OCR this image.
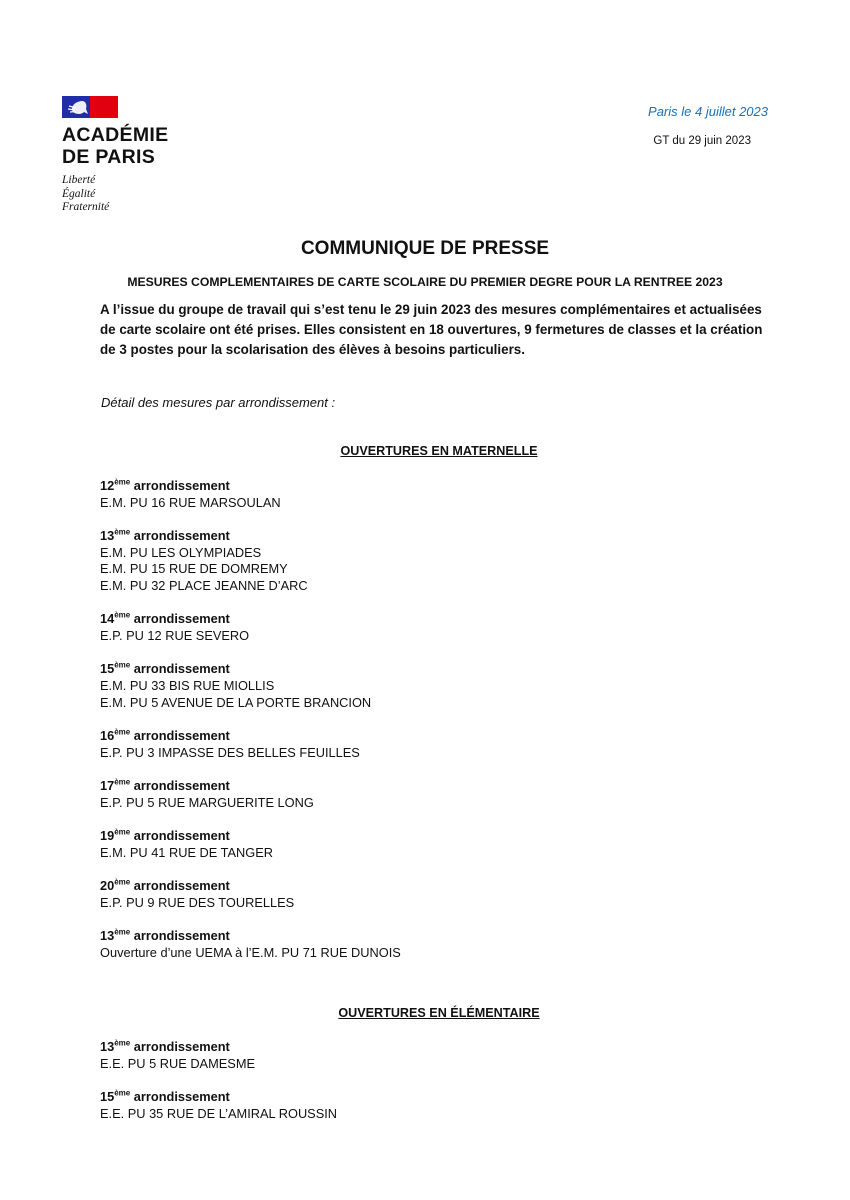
ACADÉMIE
DE PARIS
Liberté
Égalité
Fraternité
Paris le 4 juillet 2023
GT du 29 juin 2023
COMMUNIQUE DE PRESSE
MESURES COMPLEMENTAIRES DE CARTE SCOLAIRE DU PREMIER DEGRE POUR LA RENTREE 2023
A l’issue du groupe de travail qui s’est tenu le 29 juin 2023 des mesures complémentaires et actualisées
de carte scolaire ont été prises. Elles consistent en 18 ouvertures, 9 fermetures de classes et la création
de 3 postes pour la scolarisation des élèves à besoins particuliers.
Détail des mesures par arrondissement :
OUVERTURES EN MATERNELLE
12ème arrondissement
E.M. PU 16 RUE MARSOULAN
13ème arrondissement
E.M. PU LES OLYMPIADES
E.M. PU 15 RUE DE DOMREMY
E.M. PU 32 PLACE JEANNE D’ARC
14ème arrondissement
E.P. PU 12 RUE SEVERO
15ème arrondissement
E.M. PU 33 BIS RUE MIOLLIS
E.M. PU 5 AVENUE DE LA PORTE BRANCION
16ème arrondissement
E.P. PU 3 IMPASSE DES BELLES FEUILLES
17ème arrondissement
E.P. PU 5 RUE MARGUERITE LONG
19ème arrondissement
E.M. PU 41 RUE DE TANGER
20ème arrondissement
E.P. PU 9 RUE DES TOURELLES
13ème arrondissement
Ouverture d’une UEMA à l’E.M. PU 71 RUE DUNOIS
OUVERTURES EN ÉLÉMENTAIRE
13ème arrondissement
E.E. PU 5 RUE DAMESME
15ème arrondissement
E.E. PU 35 RUE DE L’AMIRAL ROUSSIN
